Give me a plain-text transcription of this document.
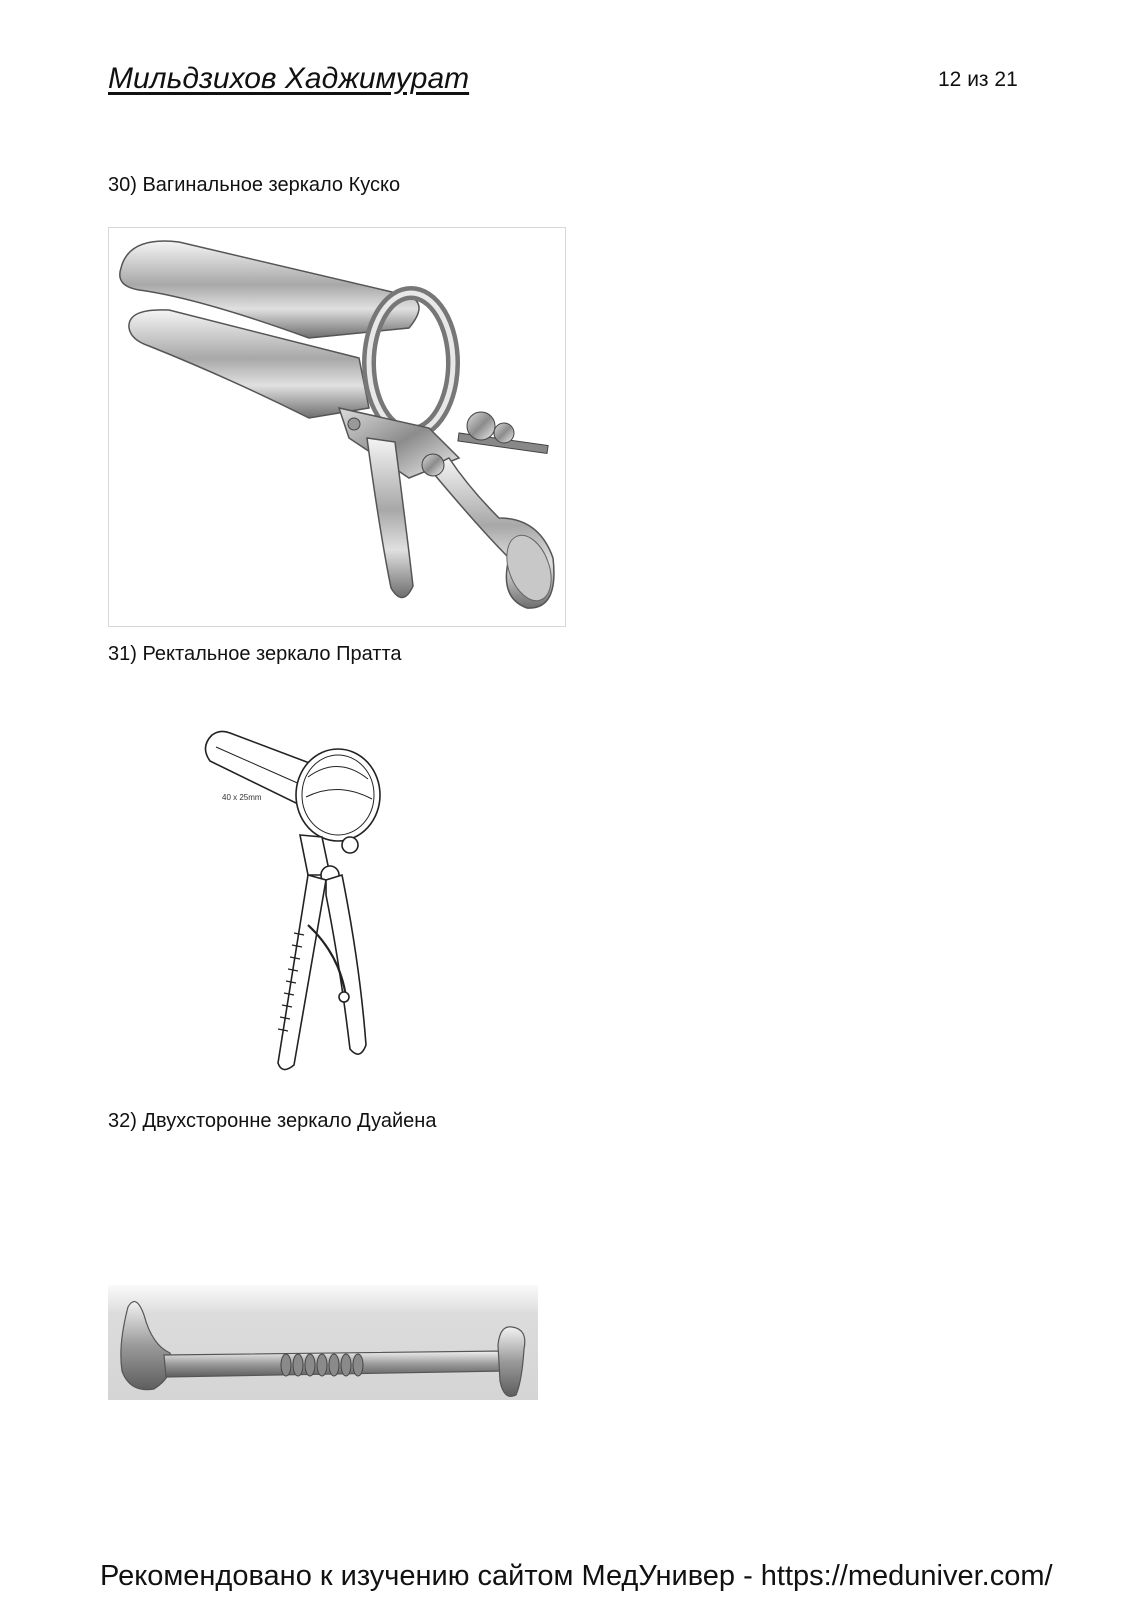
Мильдзихов Хаджимурат	12 из 21
30) Вагинальное зеркало Куско
31) Ректальное зеркало Пратта
40 x 25mm
32) Двухсторонне зеркало Дуайена
Рекомендовано к изучению сайтом МедУнивер - https://meduniver.com/
